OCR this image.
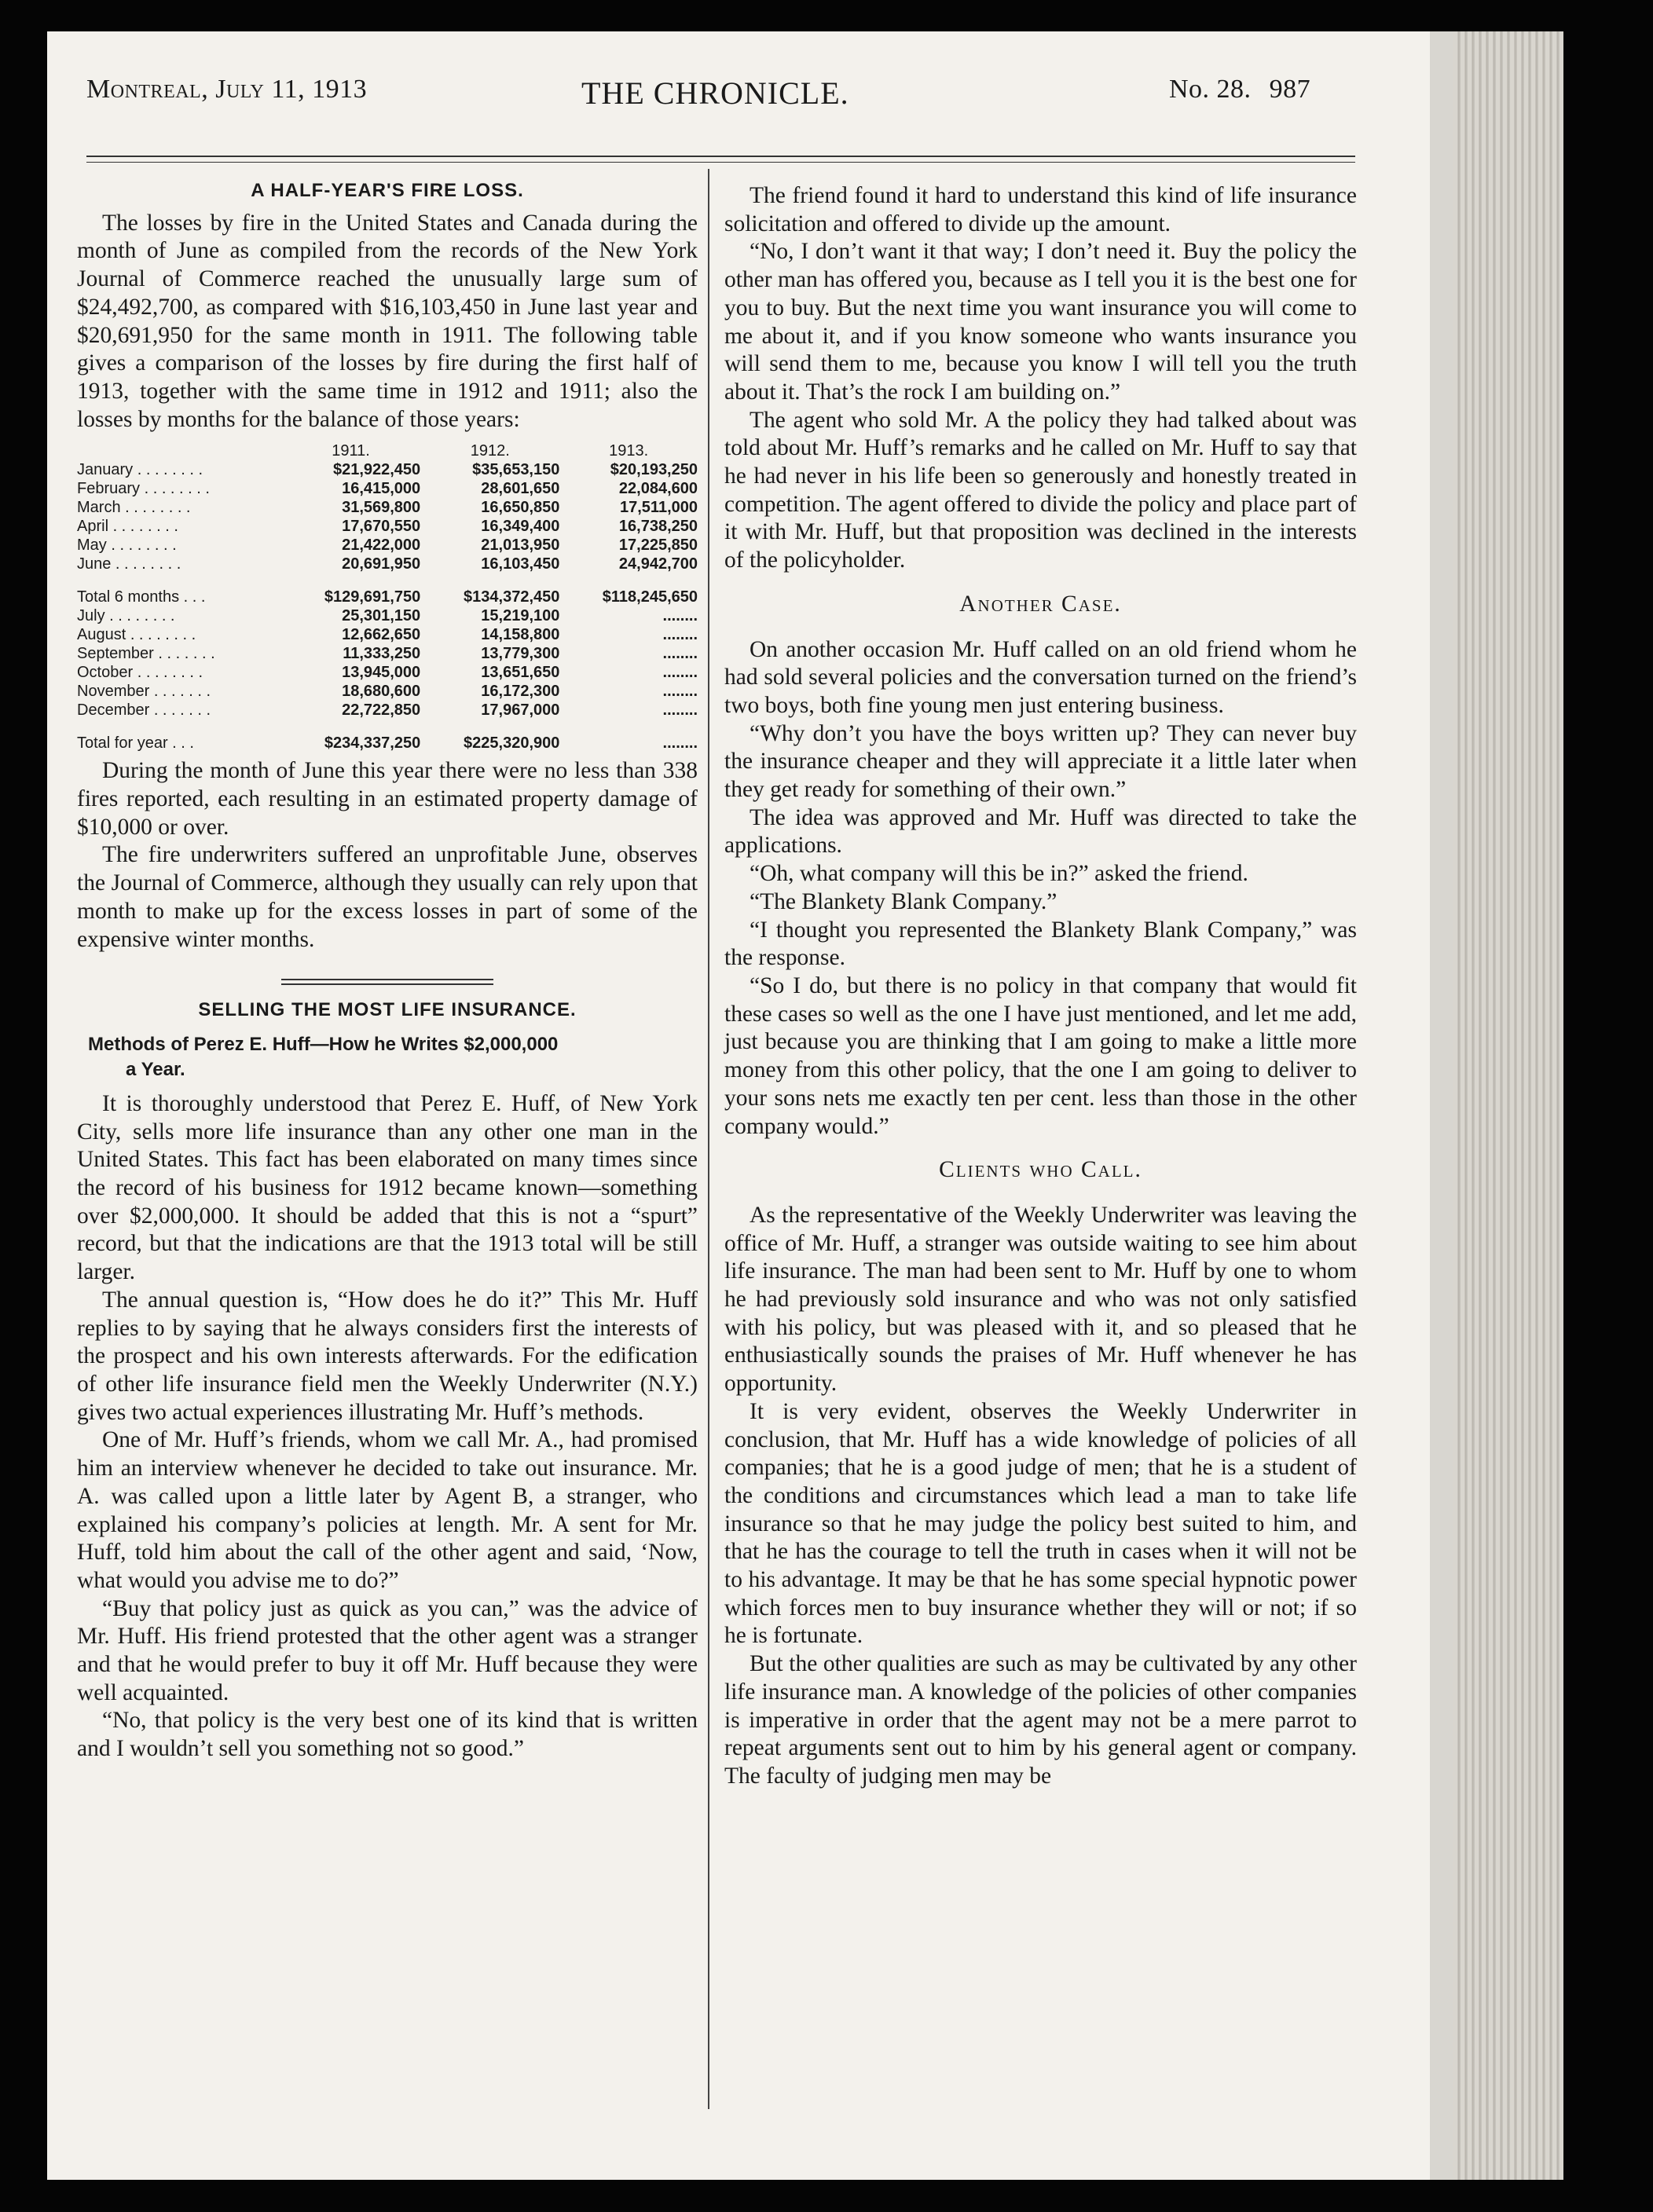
Montreal, July 11, 1913	THE CHRONICLE.	No. 28. 987
A HALF-YEAR'S FIRE LOSS.

The losses by fire in the United States and Canada during the month of June as compiled from the records of the New York Journal of Commerce reached the unusually large sum of $24,492,700, as compared with $16,103,450 in June last year and $20,691,950 for the same month in 1911. The following table gives a comparison of the losses by fire during the first half of 1913, together with the same time in 1912 and 1911; also the losses by months for the balance of those years:

	1911.	1912.	1913.
January . . . . . . . .	$21,922,450	$35,653,150	$20,193,250
February . . . . . . . .	16,415,000	28,601,650	22,084,600
March . . . . . . . .	31,569,800	16,650,850	17,511,000
April . . . . . . . .	17,670,550	16,349,400	16,738,250
May . . . . . . . .	21,422,000	21,013,950	17,225,850
June . . . . . . . .	20,691,950	16,103,450	24,942,700

Total 6 months . . .	$129,691,750	$134,372,450	$118,245,650
July . . . . . . . .	25,301,150	15,219,100	........
August . . . . . . . .	12,662,650	14,158,800	........
September . . . . . . .	11,333,250	13,779,300	........
October . . . . . . . .	13,945,000	13,651,650	........
November . . . . . . .	18,680,600	16,172,300	........
December . . . . . . .	22,722,850	17,967,000	........

Total for year . . .	$234,337,250	$225,320,900	........

During the month of June this year there were no less than 338 fires reported, each resulting in an estimated property damage of $10,000 or over.

The fire underwriters suffered an unprofitable June, observes the Journal of Commerce, although they usually can rely upon that month to make up for the excess losses in part of some of the expensive winter months.

SELLING THE MOST LIFE INSURANCE.
Methods of Perez E. Huff—How he Writes $2,000,000
a Year.

It is thoroughly understood that Perez E. Huff, of New York City, sells more life insurance than any other one man in the United States. This fact has been elaborated on many times since the record of his business for 1912 became known—something over $2,000,000. It should be added that this is not a “spurt” record, but that the indications are that the 1913 total will be still larger.

The annual question is, “How does he do it?” This Mr. Huff replies to by saying that he always considers first the interests of the prospect and his own interests afterwards. For the edification of other life insurance field men the Weekly Underwriter (N.Y.) gives two actual experiences illustrating Mr. Huff’s methods.

One of Mr. Huff’s friends, whom we call Mr. A., had promised him an interview whenever he decided to take out insurance. Mr. A. was called upon a little later by Agent B, a stranger, who explained his company’s policies at length. Mr. A sent for Mr. Huff, told him about the call of the other agent and said, ‘Now, what would you advise me to do?”

“Buy that policy just as quick as you can,” was the advice of Mr. Huff. His friend protested that the other agent was a stranger and that he would prefer to buy it off Mr. Huff because they were well acquainted.

“No, that policy is the very best one of its kind that is written and I wouldn’t sell you something not so good.”

The friend found it hard to understand this kind of life insurance solicitation and offered to divide up the amount.

“No, I don’t want it that way; I don’t need it. Buy the policy the other man has offered you, because as I tell you it is the best one for you to buy. But the next time you want insurance you will come to me about it, and if you know someone who wants insurance you will send them to me, because you know I will tell you the truth about it. That’s the rock I am building on.”

The agent who sold Mr. A the policy they had talked about was told about Mr. Huff’s remarks and he called on Mr. Huff to say that he had never in his life been so generously and honestly treated in competition. The agent offered to divide the policy and place part of it with Mr. Huff, but that proposition was declined in the interests of the policyholder.

Another Case.

On another occasion Mr. Huff called on an old friend whom he had sold several policies and the conversation turned on the friend’s two boys, both fine young men just entering business.

“Why don’t you have the boys written up? They can never buy the insurance cheaper and they will appreciate it a little later when they get ready for something of their own.”

The idea was approved and Mr. Huff was directed to take the applications.

“Oh, what company will this be in?” asked the friend.

“The Blankety Blank Company.”

“I thought you represented the Blankety Blank Company,” was the response.

“So I do, but there is no policy in that company that would fit these cases so well as the one I have just mentioned, and let me add, just because you are thinking that I am going to make a little more money from this other policy, that the one I am going to deliver to your sons nets me exactly ten per cent. less than those in the other company would.”

Clients who Call.

As the representative of the Weekly Underwriter was leaving the office of Mr. Huff, a stranger was outside waiting to see him about life insurance. The man had been sent to Mr. Huff by one to whom he had previously sold insurance and who was not only satisfied with his policy, but was pleased with it, and so pleased that he enthusiastically sounds the praises of Mr. Huff whenever he has opportunity.

It is very evident, observes the Weekly Underwriter in conclusion, that Mr. Huff has a wide knowledge of policies of all companies; that he is a good judge of men; that he is a student of the conditions and circumstances which lead a man to take life insurance so that he may judge the policy best suited to him, and that he has the courage to tell the truth in cases when it will not be to his advantage. It may be that he has some special hypnotic power which forces men to buy insurance whether they will or not; if so he is fortunate.

But the other qualities are such as may be cultivated by any other life insurance man. A knowledge of the policies of other companies is imperative in order that the agent may not be a mere parrot to repeat arguments sent out to him by his general agent or company. The faculty of judging men may be
